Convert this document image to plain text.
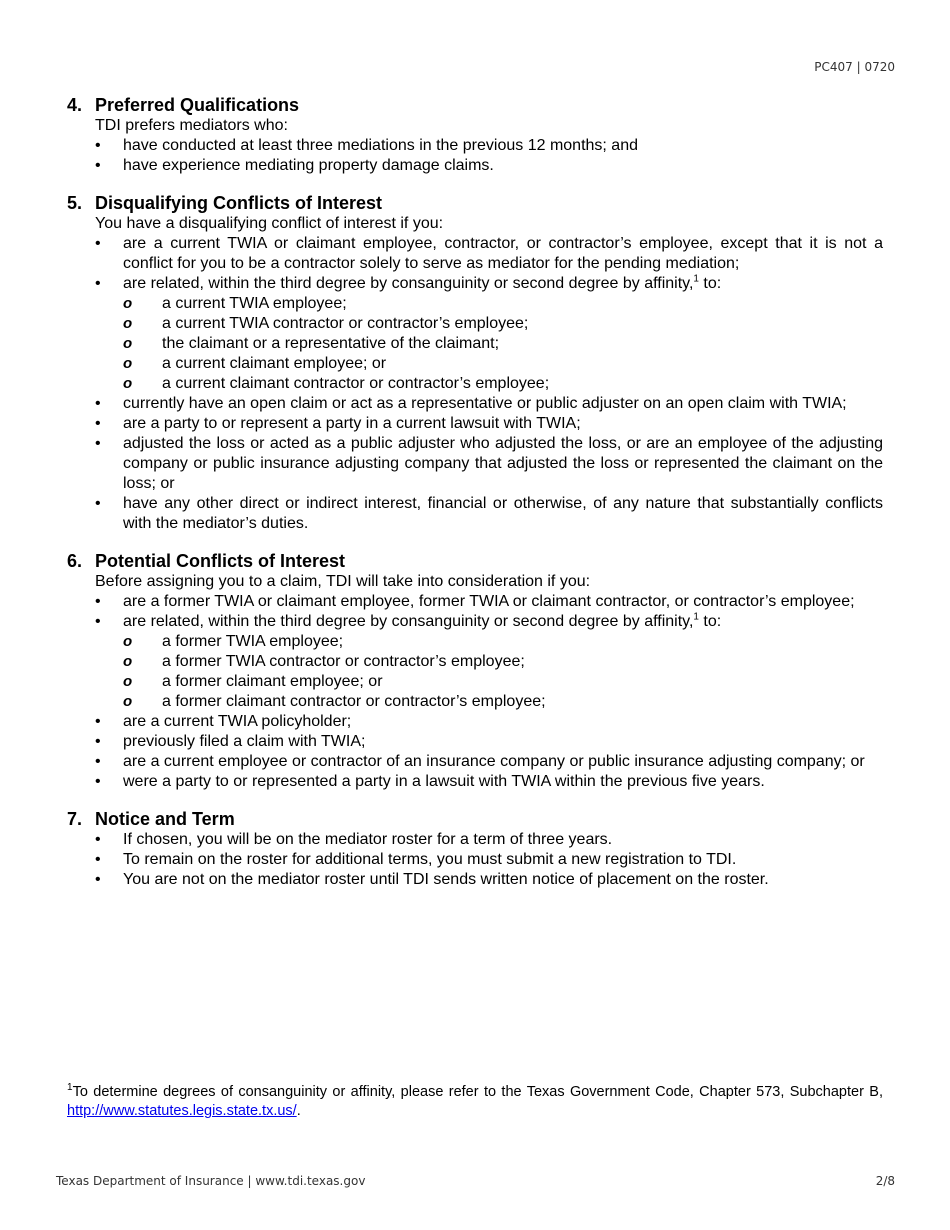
PC407 | 0720
4. Preferred Qualifications
TDI prefers mediators who:
•	have conducted at least three mediations in the previous 12 months; and
•	have experience mediating property damage claims.
5. Disqualifying Conflicts of Interest
You have a disqualifying conflict of interest if you:
•	are a current TWIA or claimant employee, contractor, or contractor’s employee, except that it is not a conflict for you to be a contractor solely to serve as mediator for the pending mediation;
•	are related, within the third degree by consanguinity or second degree by affinity,$^1$ to:
o	a current TWIA employee;
o	a current TWIA contractor or contractor’s employee;
o	the claimant or a representative of the claimant;
o	a current claimant employee; or
o	a current claimant contractor or contractor’s employee;
•	currently have an open claim or act as a representative or public adjuster on an open claim with TWIA;
•	are a party to or represent a party in a current lawsuit with TWIA;
•	adjusted the loss or acted as a public adjuster who adjusted the loss, or are an employee of the adjusting company or public insurance adjusting company that adjusted the loss or represented the claimant on the loss; or
•	have any other direct or indirect interest, financial or otherwise, of any nature that substantially conflicts with the mediator’s duties.
6. Potential Conflicts of Interest
Before assigning you to a claim, TDI will take into consideration if you:
•	are a former TWIA or claimant employee, former TWIA or claimant contractor, or contractor’s employee;
•	are related, within the third degree by consanguinity or second degree by affinity,$^1$ to:
o	a former TWIA employee;
o	a former TWIA contractor or contractor’s employee;
o	a former claimant employee; or
o	a former claimant contractor or contractor’s employee;
•	are a current TWIA policyholder;
•	previously filed a claim with TWIA;
•	are a current employee or contractor of an insurance company or public insurance adjusting company; or
•	were a party to or represented a party in a lawsuit with TWIA within the previous five years.
7. Notice and Term
•	If chosen, you will be on the mediator roster for a term of three years.
•	To remain on the roster for additional terms, you must submit a new registration to TDI.
•	You are not on the mediator roster until TDI sends written notice of placement on the roster.
$^1$To determine degrees of consanguinity or affinity, please refer to the Texas Government Code, Chapter 573, Subchapter B, http://www.statutes.legis.state.tx.us/.
Texas Department of Insurance | www.tdi.texas.gov	2/8
